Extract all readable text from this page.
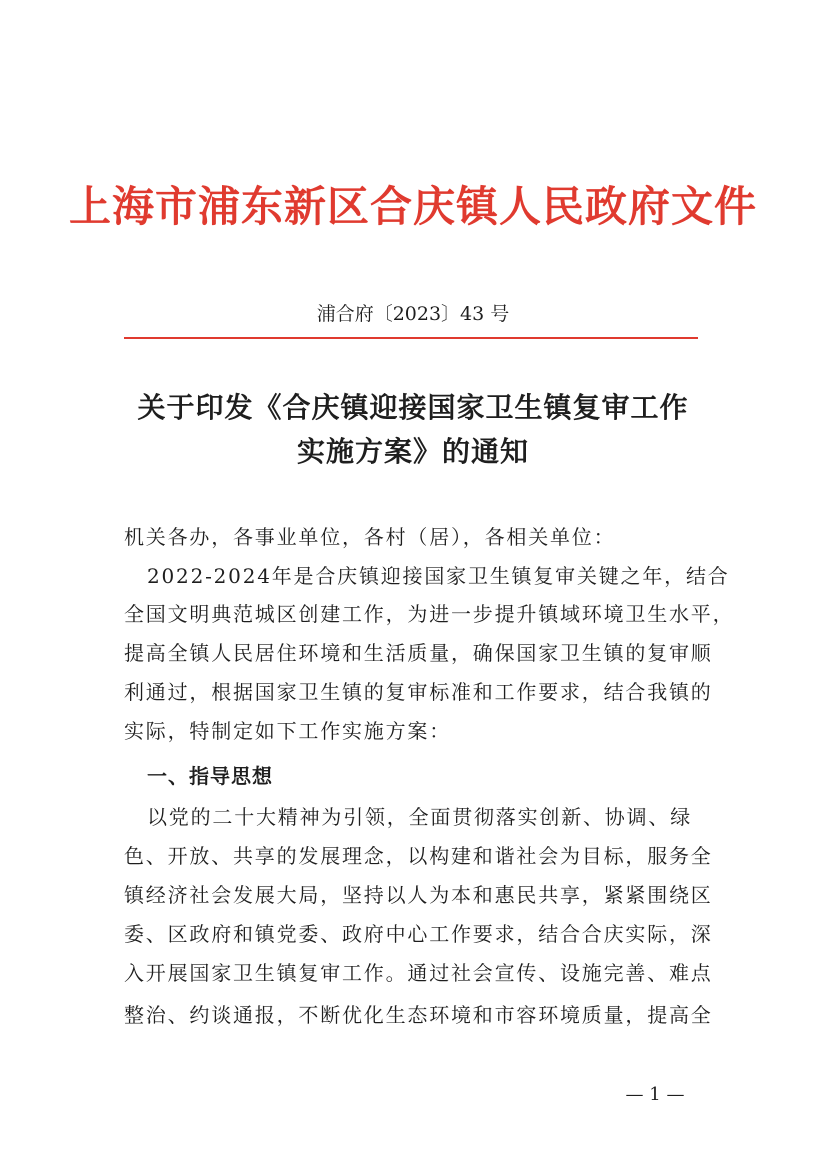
上海市浦东新区合庆镇人民政府文件
浦合府〔2023〕43 号
关于印发《合庆镇迎接国家卫生镇复审工作
实施方案》的通知
机关各办，各事业单位，各村（居），各相关单位：
2022-2024年是合庆镇迎接国家卫生镇复审关键之年，结合
全国文明典范城区创建工作，为进一步提升镇域环境卫生水平，
提高全镇人民居住环境和生活质量，确保国家卫生镇的复审顺
利通过，根据国家卫生镇的复审标准和工作要求，结合我镇的
实际，特制定如下工作实施方案：
一、指导思想
以党的二十大精神为引领，全面贯彻落实创新、协调、绿
色、开放、共享的发展理念，以构建和谐社会为目标，服务全
镇经济社会发展大局，坚持以人为本和惠民共享，紧紧围绕区
委、区政府和镇党委、政府中心工作要求，结合合庆实际，深
入开展国家卫生镇复审工作。通过社会宣传、设施完善、难点
整治、约谈通报，不断优化生态环境和市容环境质量，提高全
— 1 —
